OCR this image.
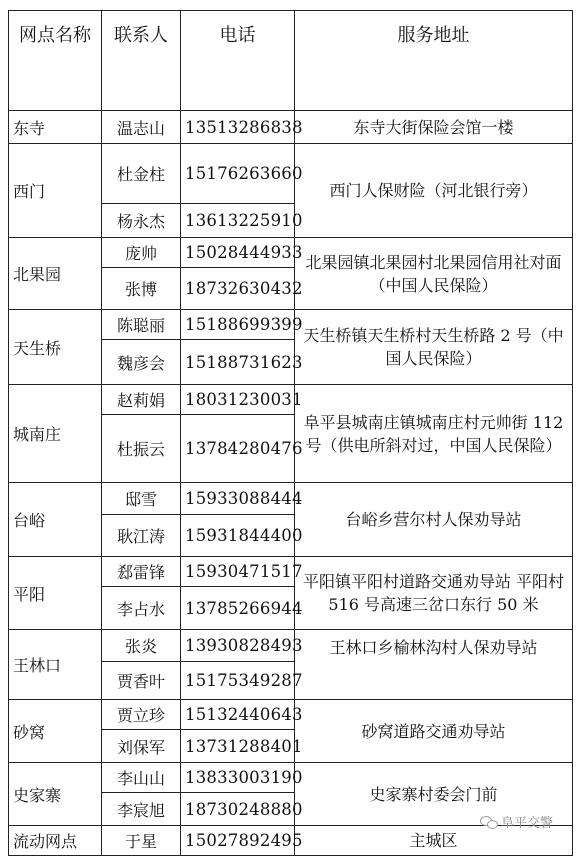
网点名称	联系人	电话	服务地址
东寺	温志山	13513286838	东寺大街保险会馆一楼
西门	杜金柱	15176263660	西门人保财险（河北银行旁）
	杨永杰	13613225910	
北果园	庞帅	15028444933	北果园镇北果园村北果园信用社对面（中国人民保险）
	张博	18732630432	
天生桥	陈聪丽	15188699399	天生桥镇天生桥村天生桥路 2 号（中国人民保险）
	魏彦会	15188731623	
城南庄	赵莉娟	18031230031	阜平县城南庄镇城南庄村元帅街 112 号（供电所斜对过，中国人民保险）
	杜振云	13784280476	
台峪	邸雪	15933088444	台峪乡营尔村人保劝导站
	耿江涛	15931844400	
平阳	郄雷锋	15930471517	平阳镇平阳村道路交通劝导站 平阳村 516 号高速三岔口东行 50 米
	李占水	13785266944	
王林口	张炎	13930828493	王林口乡榆林沟村人保劝导站
	贾香叶	15175349287	
砂窝	贾立珍	15132440643	砂窝道路交通劝导站
	刘保军	13731288401	
史家寨	李山山	13833003190	史家寨村委会门前
	李宸旭	18730248880	
流动网点	于星	15027892495	主城区
阜平交警
